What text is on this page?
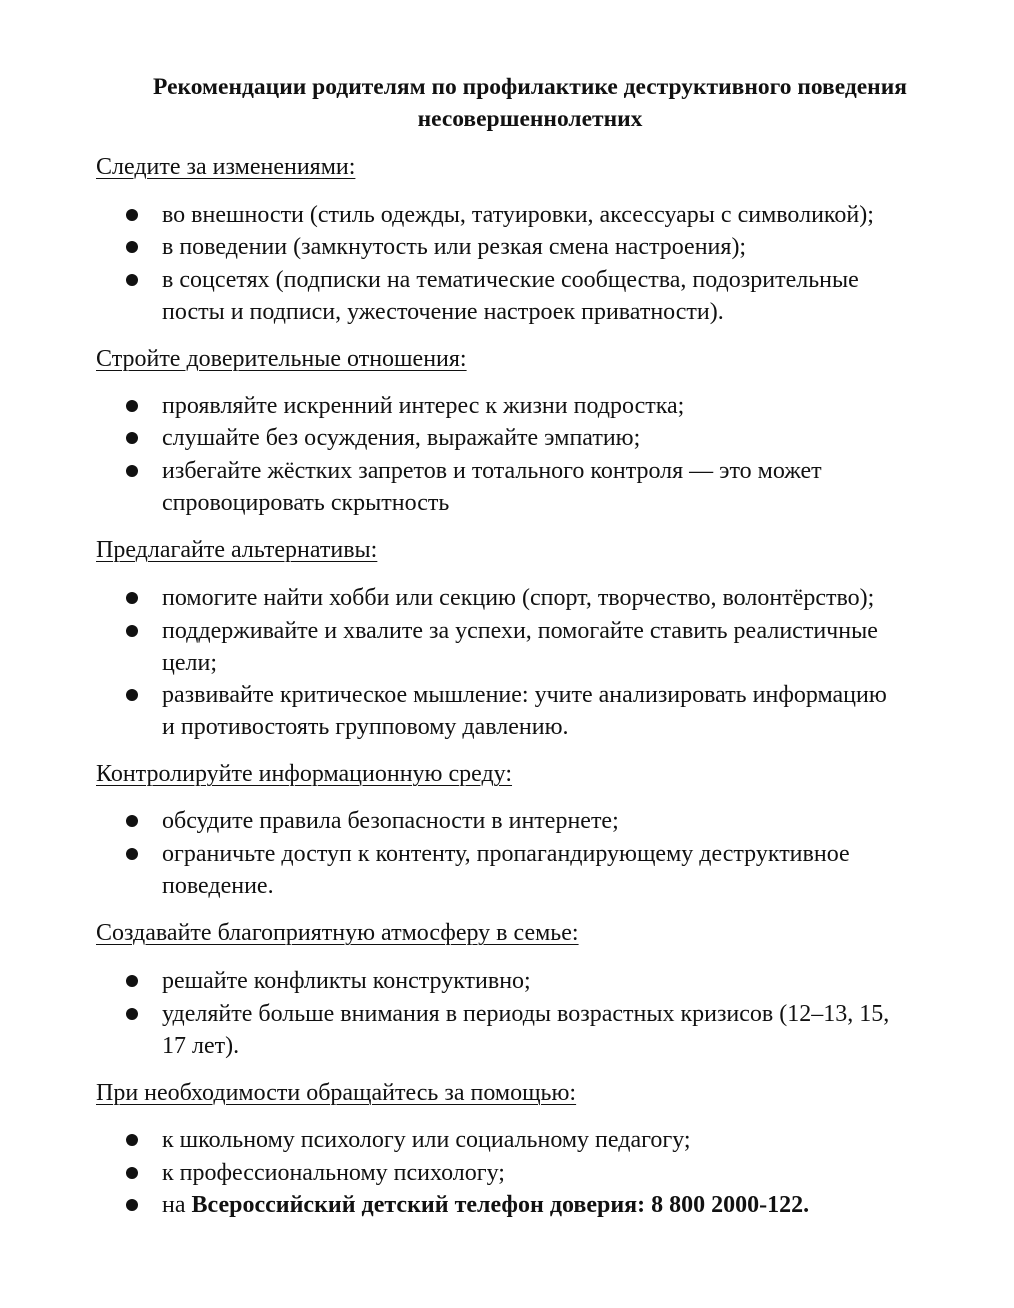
Рекомендации родителям по профилактике деструктивного поведения
несовершеннолетних
Следите за изменениями:
во внешности (стиль одежды, татуировки, аксессуары с символикой);
в поведении (замкнутость или резкая смена настроения);
в соцсетях (подписки на тематические сообщества, подозрительные
посты и подписи, ужесточение настроек приватности).
Стройте доверительные отношения:
проявляйте искренний интерес к жизни подростка;
слушайте без осуждения, выражайте эмпатию;
избегайте жёстких запретов и тотального контроля — это может
спровоцировать скрытность
Предлагайте альтернативы:
помогите найти хобби или секцию (спорт, творчество, волонтёрство);
поддерживайте и хвалите за успехи, помогайте ставить реалистичные
цели;
развивайте критическое мышление: учите анализировать информацию
и противостоять групповому давлению.
Контролируйте информационную среду:
обсудите правила безопасности в интернете;
ограничьте доступ к контенту, пропагандирующему деструктивное
поведение.
Создавайте благоприятную атмосферу в семье:
решайте конфликты конструктивно;
уделяйте больше внимания в периоды возрастных кризисов (12–13, 15,
17 лет).
При необходимости обращайтесь за помощью:
к школьному психологу или социальному педагогу;
к профессиональному психологу;
на Всероссийский детский телефон доверия: 8 800 2000-122.
